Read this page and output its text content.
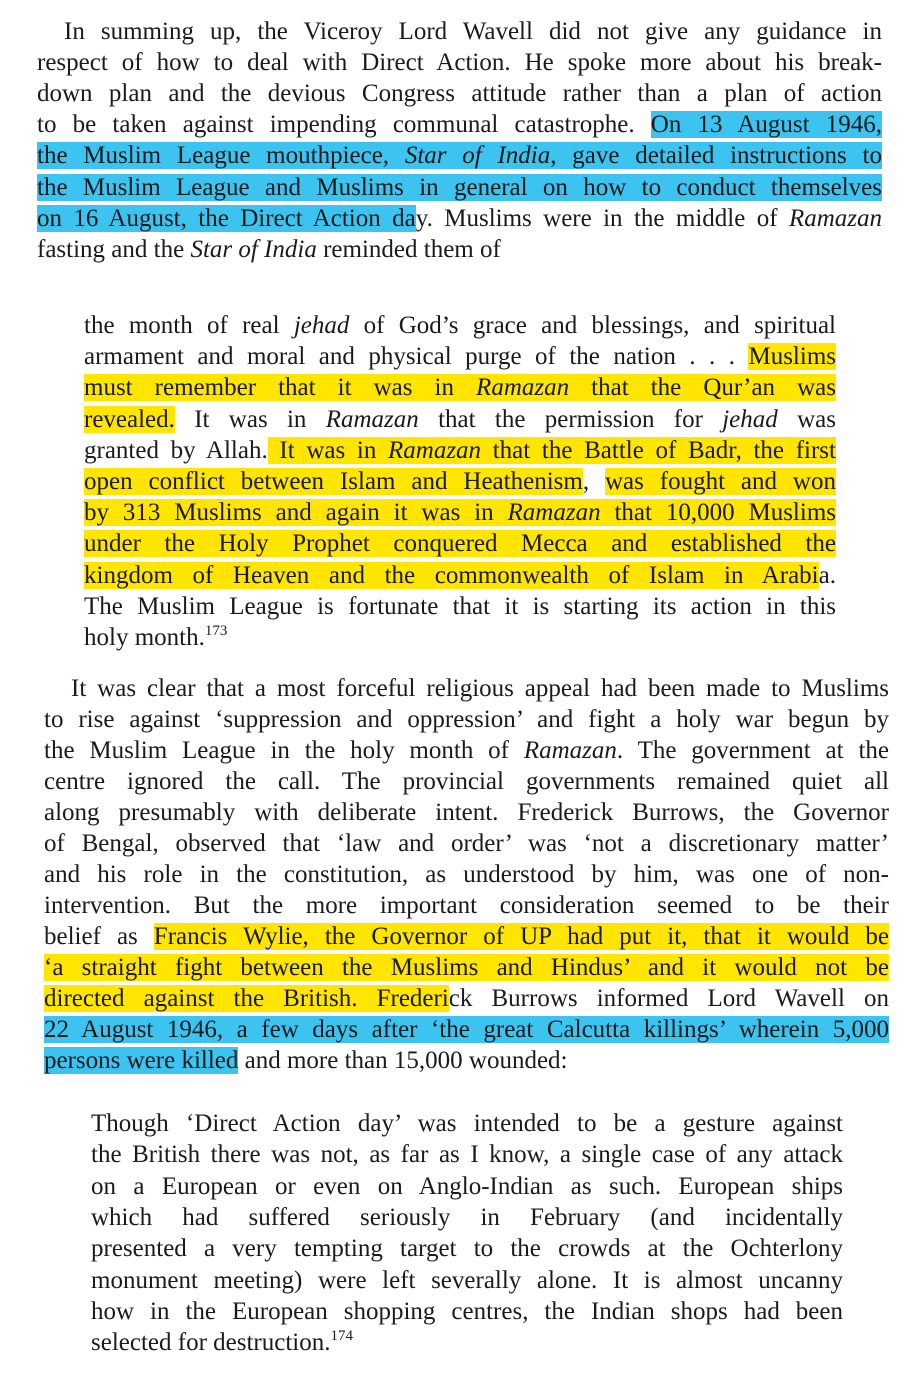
In summing up, the Viceroy Lord Wavell did not give any guidance in
respect of how to deal with Direct Action. He spoke more about his break-
down plan and the devious Congress attitude rather than a plan of action
to be taken against impending communal catastrophe. On 13 August 1946,
the Muslim League mouthpiece, Star of India, gave detailed instructions to
the Muslim League and Muslims in general on how to conduct themselves
on 16 August, the Direct Action day. Muslims were in the middle of Ramazan
fasting and the Star of India reminded them of
the month of real jehad of God’s grace and blessings, and spiritual
armament and moral and physical purge of the nation . . . Muslims
must remember that it was in Ramazan that the Qur’an was
revealed. It was in Ramazan that the permission for jehad was
granted by Allah. It was in Ramazan that the Battle of Badr, the first
open conflict between Islam and Heathenism, was fought and won
by 313 Muslims and again it was in Ramazan that 10,000 Muslims
under the Holy Prophet conquered Mecca and established the
kingdom of Heaven and the commonwealth of Islam in Arabia.
The Muslim League is fortunate that it is starting its action in this
holy month.$^{173}$
It was clear that a most forceful religious appeal had been made to Muslims
to rise against ‘suppression and oppression’ and fight a holy war begun by
the Muslim League in the holy month of Ramazan. The government at the
centre ignored the call. The provincial governments remained quiet all
along presumably with deliberate intent. Frederick Burrows, the Governor
of Bengal, observed that ‘law and order’ was ‘not a discretionary matter’
and his role in the constitution, as understood by him, was one of non-
intervention. But the more important consideration seemed to be their
belief as Francis Wylie, the Governor of UP had put it, that it would be
‘a straight fight between the Muslims and Hindus’ and it would not be
directed against the British. Frederick Burrows informed Lord Wavell on
22 August 1946, a few days after ‘the great Calcutta killings’ wherein 5,000
persons were killed and more than 15,000 wounded:
Though ‘Direct Action day’ was intended to be a gesture against
the British there was not, as far as I know, a single case of any attack
on a European or even on Anglo-Indian as such. European ships
which had suffered seriously in February (and incidentally
presented a very tempting target to the crowds at the Ochterlony
monument meeting) were left severally alone. It is almost uncanny
how in the European shopping centres, the Indian shops had been
selected for destruction.$^{174}$
